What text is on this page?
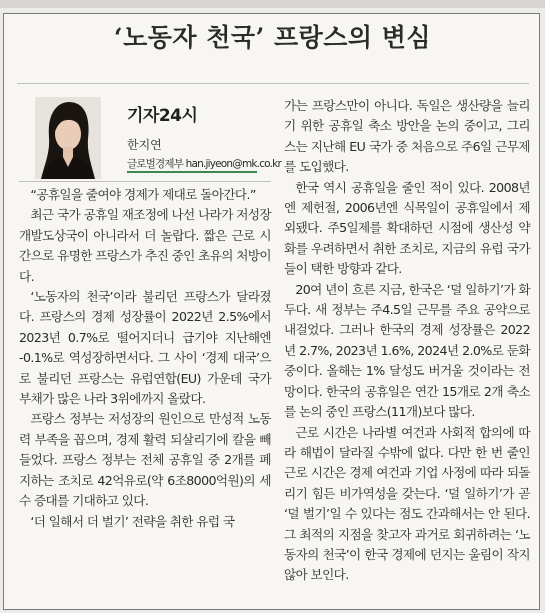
‘노동자 천국’ 프랑스의 변심
기자24시
한지연
글로벌경제부 han.jiyeon@mk.co.kr

“공휴일을 줄여야 경제가 제대로 돌아간다.”

최근 국가 공휴일 재조정에 나선 나라가 저성장 개발도상국이 아니라서 더 놀랍다. 짧은 근로 시간으로 유명한 프랑스가 추진 중인 초유의 처방이다.

‘노동자의 천국’이라 불리던 프랑스가 달라졌다. 프랑스의 경제 성장률이 2022년 2.5%에서 2023년 0.7%로 떨어지더니 급기야 지난해엔 -0.1%로 역성장하면서다. 그 사이 ‘경제 대국’으로 불리던 프랑스는 유럽연합(EU) 가운데 국가 부채가 많은 나라 3위에까지 올랐다.

프랑스 정부는 저성장의 원인으로 만성적 노동력 부족을 꼽으며, 경제 활력 되살리기에 칼을 빼들었다. 프랑스 정부는 전체 공휴일 중 2개를 폐지하는 조치로 42억유로(약 6조8000억원)의 세수 증대를 기대하고 있다.

‘더 일해서 더 벌기’ 전략을 취한 유럽 국

가는 프랑스만이 아니다. 독일은 생산량을 늘리기 위한 공휴일 축소 방안을 논의 중이고, 그리스는 지난해 EU 국가 중 처음으로 주6일 근무제를 도입했다.

한국 역시 공휴일을 줄인 적이 있다. 2008년엔 제헌절, 2006년엔 식목일이 공휴일에서 제외됐다. 주5일제를 확대하던 시점에 생산성 약화를 우려하면서 취한 조치로, 지금의 유럽 국가들이 택한 방향과 같다.

20여 년이 흐른 지금, 한국은 ‘덜 일하기’가 화두다. 새 정부는 주4.5일 근무를 주요 공약으로 내걸었다. 그러나 한국의 경제 성장률은 2022년 2.7%, 2023년 1.6%, 2024년 2.0%로 둔화 중이다. 올해는 1% 달성도 버거울 것이라는 전망이다. 한국의 공휴일은 연간 15개로 2개 축소를 논의 중인 프랑스(11개)보다 많다.

근로 시간은 나라별 여건과 사회적 합의에 따라 해법이 달라질 수밖에 없다. 다만 한 번 줄인 근로 시간은 경제 여건과 기업 사정에 따라 되돌리기 힘든 비가역성을 갖는다. ‘덜 일하기’가 곧 ‘덜 벌기’일 수 있다는 점도 간과해서는 안 된다. 그 최적의 지점을 찾고자 과거로 회귀하려는 ‘노동자의 천국’이 한국 경제에 던지는 울림이 작지 않아 보인다.
